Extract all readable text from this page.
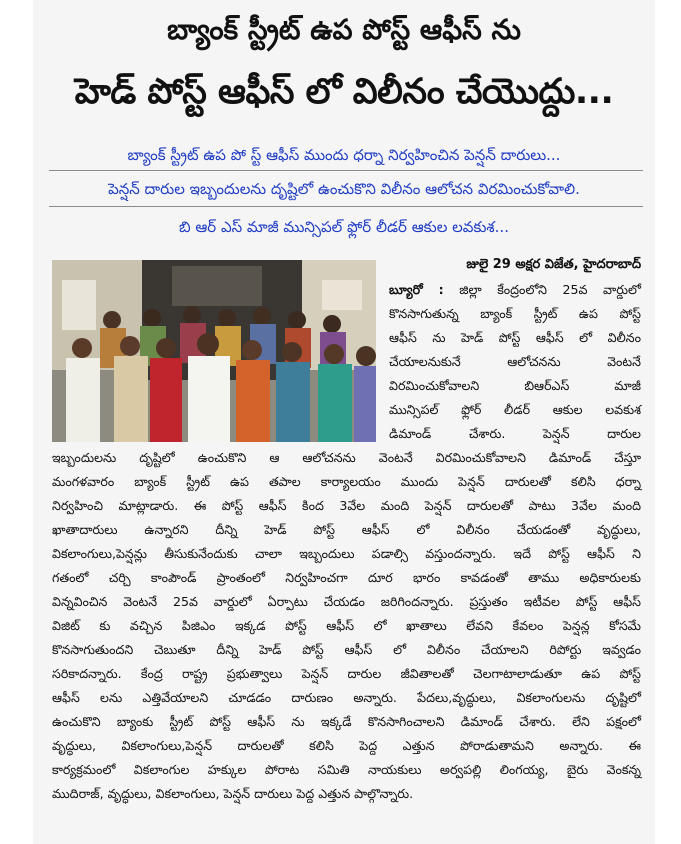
బ్యాంక్ స్ట్రీట్ ఉప పోస్ట్ ఆఫీస్ ను
హెడ్ పోస్ట్ ఆఫీస్ లో విలీనం చేయొద్దు...
బ్యాంక్ స్ట్రీట్ ఉప పో స్ట్ ఆఫీస్ ముందు ధర్నా నిర్వహించిన పెన్షన్ దారులు...
పెన్షన్ దారుల ఇబ్బందులను దృష్టిలో ఉంచుకొని విలీనం ఆలోచన విరమించుకోవాలి.
బి ఆర్ ఎస్ మాజీ మున్సిపల్ ఫ్లోర్ లీడర్ ఆకుల లవకుశ...
జులై 29 అక్షర విజేత, హైదరాబాద్
బ్యూరో : జిల్లా కేంద్రంలోని 25వ వార్డులో
కొనసాగుతున్న బ్యాంక్ స్ట్రీట్ ఉప పోస్ట్
ఆఫీస్ ను హెడ్ పోస్ట్ ఆఫీస్ లో విలీనం
చేయాలనుకునే ఆలోచనను వెంటనే
విరమించుకోవాలని బిఆర్ఎస్ మాజీ
మున్సిపల్ ఫ్లోర్ లీడర్ ఆకుల లవకుశ
డిమాండ్ చేశారు. పెన్షన్ దారుల
ఇబ్బందులను దృష్టిలో ఉంచుకొని ఆ ఆలోచనను వెంటనే విరమించుకోవాలని డిమాండ్ చేస్తూ
మంగళవారం బ్యాంక్ స్ట్రీట్ ఉప తపాల కార్యాలయం ముందు పెన్షన్ దారులతో కలిసి ధర్నా
నిర్వహించి మాట్లాడారు. ఈ పోస్ట్ ఆఫీస్ కింద 3వేల మంది పెన్షన్ దారులతో పాటు 3వేల మంది
ఖాతాదారులు ఉన్నారని దీన్ని హెడ్ పోస్ట్ ఆఫీస్ లో విలీనం చేయడంతో వృద్ధులు,
వికలాంగులు,పెన్షన్లు తీసుకునేందుకు చాలా ఇబ్బందులు పడాల్సి వస్తుందన్నారు. ఇదే పోస్ట్ ఆఫీస్ ని
గతంలో చర్చి కాంపౌండ్ ప్రాంతంలో నిర్వహించగా దూర భారం కావడంతో తాము అధికారులకు
విన్నవించిన వెంటనే 25వ వార్డులో ఏర్పాటు చేయడం జరిగిందన్నారు. ప్రస్తుతం ఇటీవల పోస్ట్ ఆఫీస్
విజిట్ కు వచ్చిన పిజిఎం ఇక్కడ పోస్ట్ ఆఫీస్ లో ఖాతాలు లేవని కేవలం పెన్షన్ల కోసమే
కొనసాగుతుందని చెబుతూ దీన్ని హెడ్ పోస్ట్ ఆఫీస్ లో విలీనం చేయాలని రిపోర్టు ఇవ్వడం
సరికాదన్నారు. కేంద్ర రాష్ట్ర ప్రభుత్వాలు పెన్షన్ దారుల జీవితాలతో చెలగాటాలాడుతూ ఉప పోస్ట్
ఆఫీస్ లను ఎత్తివేయాలని చూడడం దారుణం అన్నారు. పేదలు,వృద్ధులు, వికలాంగులను దృష్టిలో
ఉంచుకొని బ్యాంకు స్ట్రీట్ పోస్ట్ ఆఫీస్ ను ఇక్కడే కొనసాగించాలని డిమాండ్ చేశారు. లేని పక్షంలో
వృద్ధులు, వికలాంగులు,పెన్షన్ దారులతో కలిసి పెద్ద ఎత్తున పోరాడుతామని అన్నారు. ఈ
కార్యక్రమంలో వికలాంగుల హక్కుల పోరాట సమితి నాయకులు అర్వపల్లి లింగయ్య, బైరు వెంకన్న
ముదిరాజ్, వృద్ధులు, వికలాంగులు, పెన్షన్ దారులు పెద్ద ఎత్తున పాల్గొన్నారు.
